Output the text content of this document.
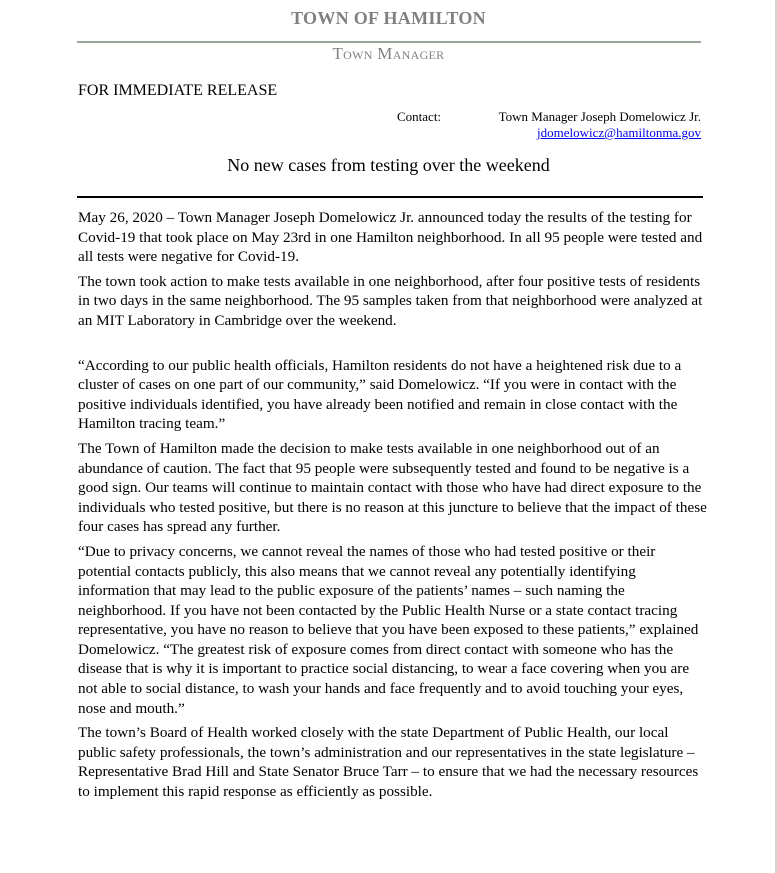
TOWN OF HAMILTON
Town Manager
FOR IMMEDIATE RELEASE
Contact:	Town Manager Joseph Domelowicz Jr.
jdomelowicz@hamiltonma.gov
No new cases from testing over the weekend

May 26, 2020 – Town Manager Joseph Domelowicz Jr. announced today the results of the testing for Covid-19 that took place on May 23rd in one Hamilton neighborhood. In all 95 people were tested and all tests were negative for Covid-19.

The town took action to make tests available in one neighborhood, after four positive tests of residents in two days in the same neighborhood. The 95 samples taken from that neighborhood were analyzed at an MIT Laboratory in Cambridge over the weekend.

“According to our public health officials, Hamilton residents do not have a heightened risk due to a cluster of cases on one part of our community,” said Domelowicz. “If you were in contact with the positive individuals identified, you have already been notified and remain in close contact with the Hamilton tracing team.”

The Town of Hamilton made the decision to make tests available in one neighborhood out of an abundance of caution. The fact that 95 people were subsequently tested and found to be negative is a good sign. Our teams will continue to maintain contact with those who have had direct exposure to the individuals who tested positive, but there is no reason at this juncture to believe that the impact of these four cases has spread any further.

“Due to privacy concerns, we cannot reveal the names of those who had tested positive or their potential contacts publicly, this also means that we cannot reveal any potentially identifying information that may lead to the public exposure of the patients’ names – such naming the neighborhood. If you have not been contacted by the Public Health Nurse or a state contact tracing representative, you have no reason to believe that you have been exposed to these patients,” explained Domelowicz. “The greatest risk of exposure comes from direct contact with someone who has the disease that is why it is important to practice social distancing, to wear a face covering when you are not able to social distance, to wash your hands and face frequently and to avoid touching your eyes, nose and mouth.”

The town’s Board of Health worked closely with the state Department of Public Health, our local public safety professionals, the town’s administration and our representatives in the state legislature – Representative Brad Hill and State Senator Bruce Tarr – to ensure that we had the necessary resources to implement this rapid response as efficiently as possible.
